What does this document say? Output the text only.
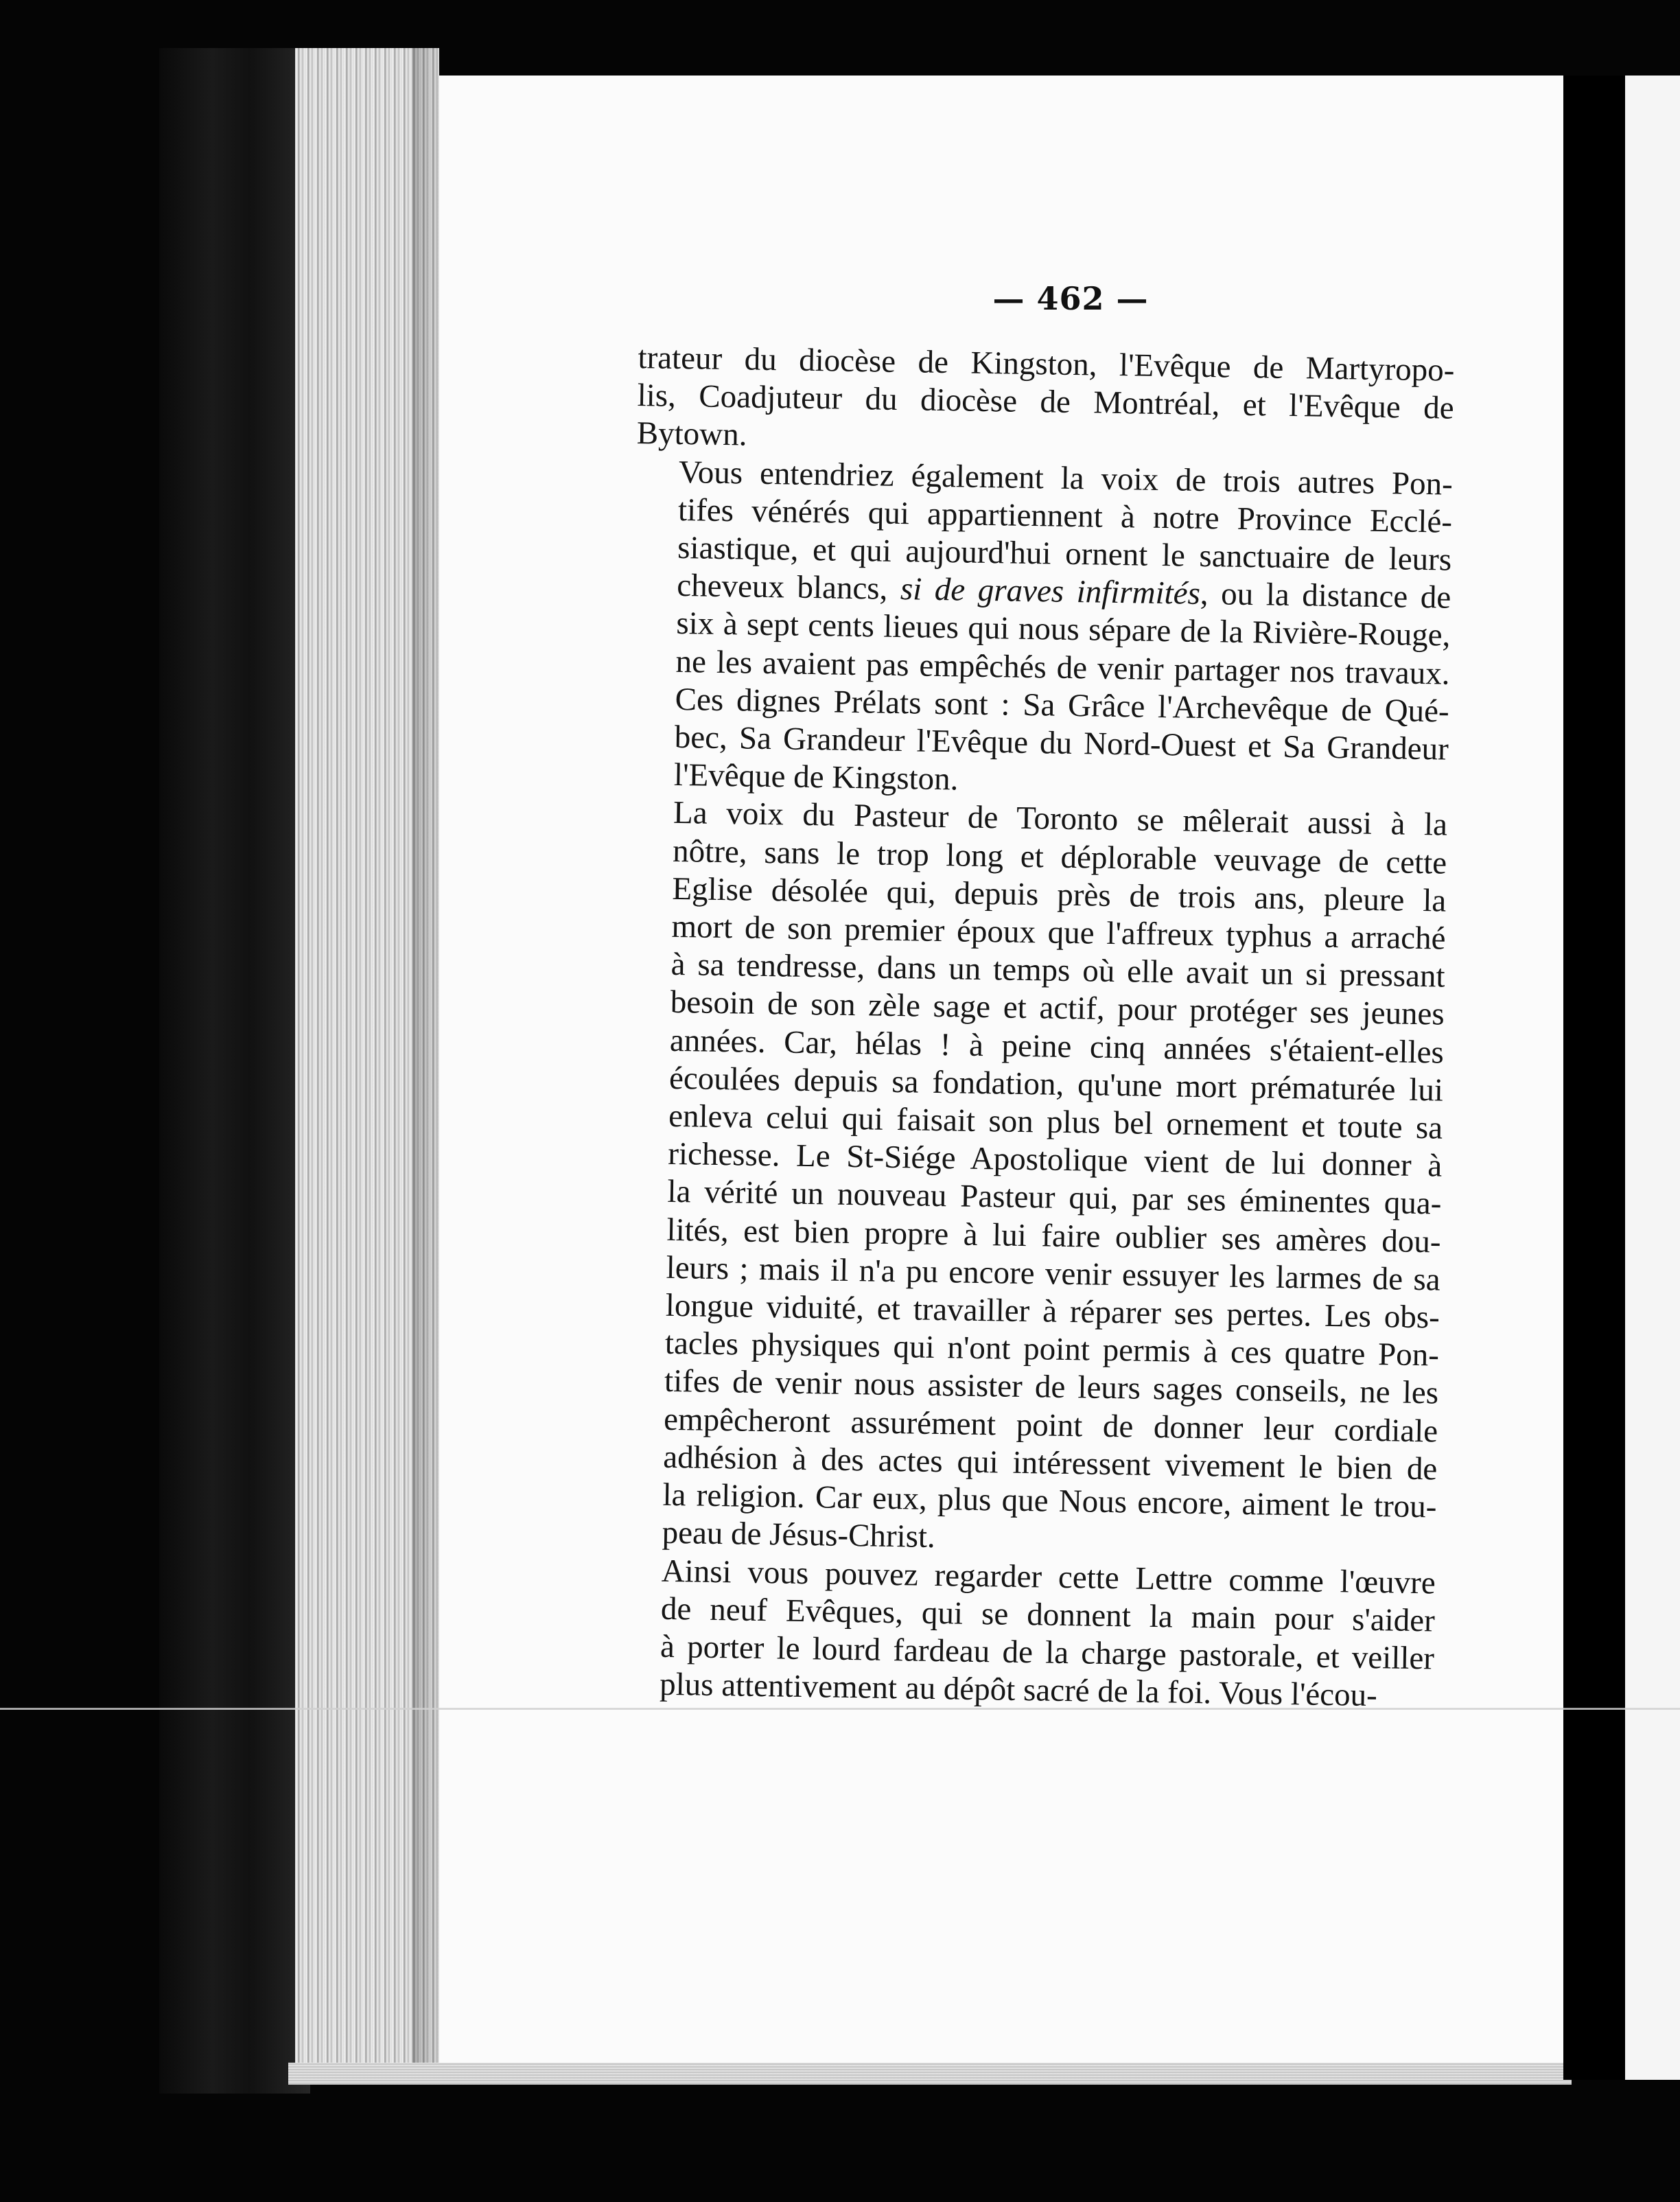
— 462 —

trateur du diocèse de Kingston, l'Evêque de Martyropo-
lis, Coadjuteur du diocèse de Montréal, et l'Evêque de
Bytown.

Vous entendriez également la voix de trois autres Pon-
tifes vénérés qui appartiennent à notre Province Ecclé-
siastique, et qui aujourd'hui ornent le sanctuaire de leurs
cheveux blancs, si de graves infirmités, ou la distance de
six à sept cents lieues qui nous sépare de la Rivière-Rouge,
ne les avaient pas empêchés de venir partager nos travaux.
Ces dignes Prélats sont : Sa Grâce l'Archevêque de Qué-
bec, Sa Grandeur l'Evêque du Nord-Ouest et Sa Grandeur
l'Evêque de Kingston.

La voix du Pasteur de Toronto se mêlerait aussi à la
nôtre, sans le trop long et déplorable veuvage de cette
Eglise désolée qui, depuis près de trois ans, pleure la
mort de son premier époux que l'affreux typhus a arraché
à sa tendresse, dans un temps où elle avait un si pressant
besoin de son zèle sage et actif, pour protéger ses jeunes
années. Car, hélas ! à peine cinq années s'étaient-elles
écoulées depuis sa fondation, qu'une mort prématurée lui
enleva celui qui faisait son plus bel ornement et toute sa
richesse. Le St-Siége Apostolique vient de lui donner à
la vérité un nouveau Pasteur qui, par ses éminentes qua-
lités, est bien propre à lui faire oublier ses amères dou-
leurs ; mais il n'a pu encore venir essuyer les larmes de sa
longue viduité, et travailler à réparer ses pertes. Les obs-
tacles physiques qui n'ont point permis à ces quatre Pon-
tifes de venir nous assister de leurs sages conseils, ne les
empêcheront assurément point de donner leur cordiale
adhésion à des actes qui intéressent vivement le bien de
la religion. Car eux, plus que Nous encore, aiment le trou-
peau de Jésus-Christ.

Ainsi vous pouvez regarder cette Lettre comme l'œuvre
de neuf Evêques, qui se donnent la main pour s'aider
à porter le lourd fardeau de la charge pastorale, et veiller
plus attentivement au dépôt sacré de la foi. Vous l'écou-
